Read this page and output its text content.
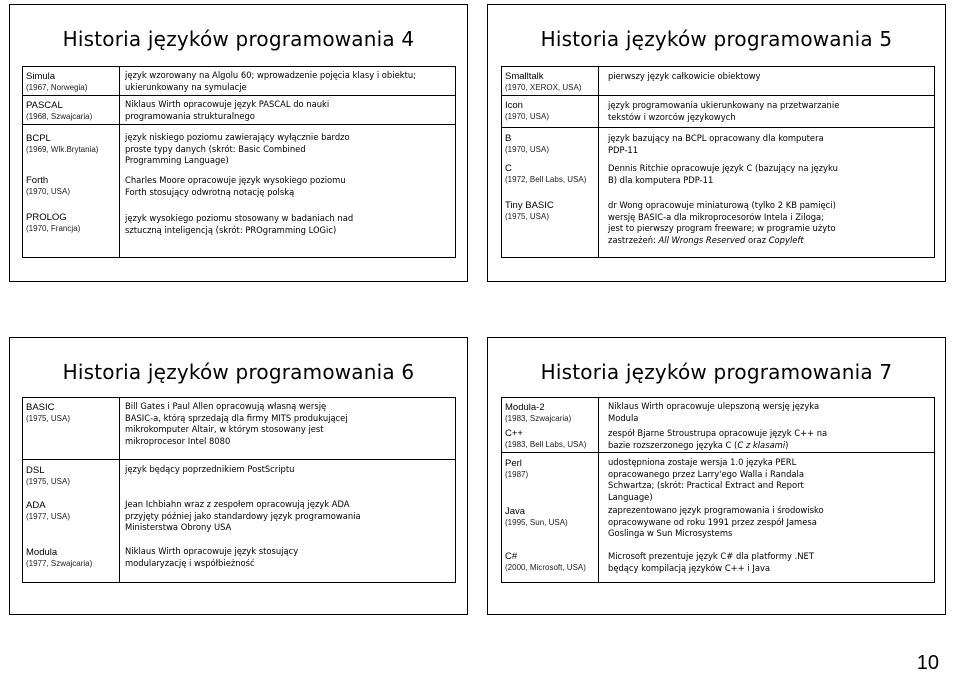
Historia języków programowania 4
Simula
(1967, Norwegia)
język wzorowany na Algolu 60; wprowadzenie pojęcia klasy i obiektu; ukierunkowany na symulacje
PASCAL
(1968, Szwajcaria)
Niklaus Wirth opracowuje język PASCAL do nauki programowania strukturalnego
BCPL
(1969, Wlk.Brytania)
język niskiego poziomu zawierający wyłącznie bardzo proste typy danych (skrót: Basic Combined Programming Language)
Forth
(1970, USA)
Charles Moore opracowuje język wysokiego poziomu Forth stosujący odwrotną notację polską
PROLOG
(1970, Francja)
język wysokiego poziomu stosowany w badaniach nad sztuczną inteligencją (skrót: PROgramming LOGic)
Historia języków programowania 5
Smalltalk
(1970, XEROX, USA)
pierwszy język całkowicie obiektowy
Icon
(1970, USA)
język programowania ukierunkowany na przetwarzanie tekstów i wzorców językowych
B
(1970, USA)
język bazujący na BCPL opracowany dla komputera PDP-11
C
(1972, Bell Labs, USA)
Dennis Ritchie opracowuje język C (bazujący na języku B) dla komputera PDP-11
Tiny BASIC
(1975, USA)
dr Wong opracowuje miniaturową (tylko 2 KB pamięci) wersję BASIC-a dla mikroprocesorów Intela i Ziloga; jest to pierwszy program freeware; w programie użyto zastrzeżeń: All Wrongs Reserved oraz Copyleft
Historia języków programowania 6
BASIC
(1975, USA)
Bill Gates i Paul Allen opracowują własną wersję BASIC-a, którą sprzedają dla firmy MITS produkującej mikrokomputer Altair, w którym stosowany jest mikroprocesor Intel 8080
DSL
(1975, USA)
język będący poprzednikiem PostScriptu
ADA
(1977, USA)
Jean Ichbiahn wraz z zespołem opracowują język ADA przyjęty później jako standardowy język programowania Ministerstwa Obrony USA
Modula
(1977, Szwajcaria)
Niklaus Wirth opracowuje język stosujący modularyzację i współbieżność
Historia języków programowania 7
Modula-2
(1983, Szwajcaria)
Niklaus Wirth opracowuje ulepszoną wersję języka Modula
C++
(1983, Bell Labs, USA)
zespół Bjarne Stroustrupa opracowuje język C++ na bazie rozszerzonego języka C (C z klasami)
Perl
(1987)
udostępniona zostaje wersja 1.0 języka PERL opracowanego przez Larry'ego Walla i Randala Schwartza; (skrót: Practical Extract and Report Language)
Java
(1995, Sun, USA)
zaprezentowano język programowania i środowisko opracowywane od roku 1991 przez zespół Jamesa Goslinga w Sun Microsystems
C#
(2000, Microsoft, USA)
Microsoft prezentuje język C# dla platformy .NET będący kompilacją języków C++ i Java
10
